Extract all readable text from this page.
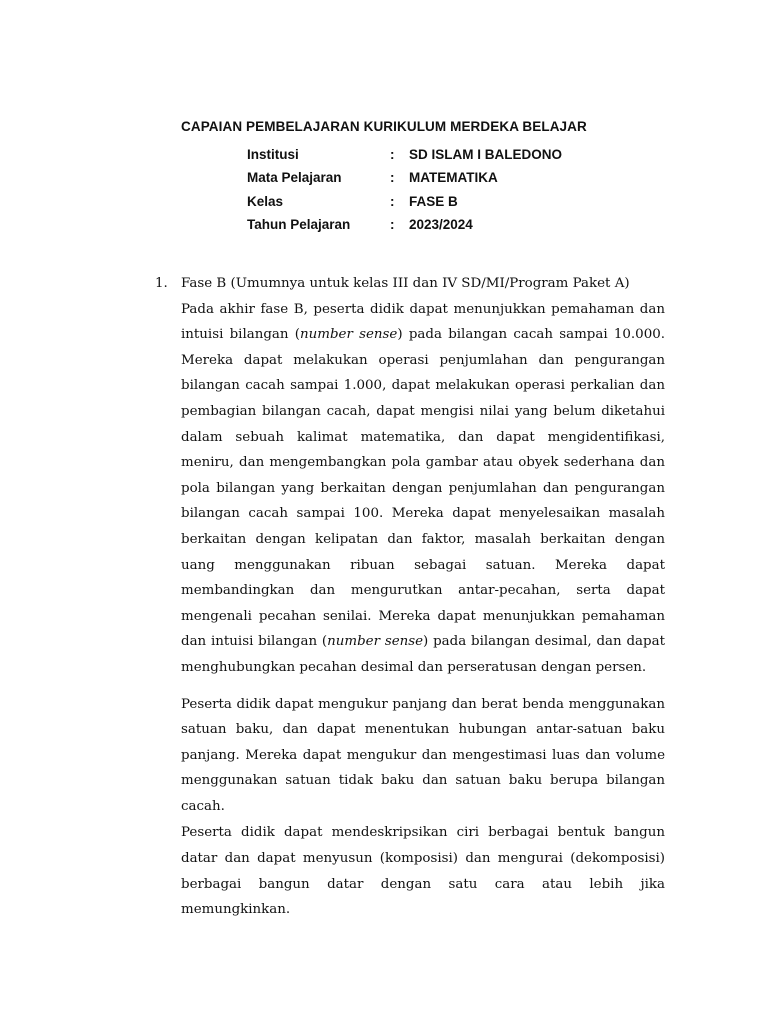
CAPAIAN PEMBELAJARAN KURIKULUM MERDEKA BELAJAR
Institusi	:	SD ISLAM I BALEDONO
Mata Pelajaran	:	MATEMATIKA
Kelas	:	FASE B
Tahun Pelajaran	:	2023/2024
1. Fase B (Umumnya untuk kelas III dan IV SD/MI/Program Paket A)

Pada akhir fase B, peserta didik dapat menunjukkan pemahaman dan intuisi bilangan (number sense) pada bilangan cacah sampai 10.000. Mereka dapat melakukan operasi penjumlahan dan pengurangan bilangan cacah sampai 1.000, dapat melakukan operasi perkalian dan pembagian bilangan cacah, dapat mengisi nilai yang belum diketahui dalam sebuah kalimat matematika, dan dapat mengidentifikasi, meniru, dan mengembangkan pola gambar atau obyek sederhana dan pola bilangan yang berkaitan dengan penjumlahan dan pengurangan bilangan cacah sampai 100. Mereka dapat menyelesaikan masalah berkaitan dengan kelipatan dan faktor, masalah berkaitan dengan uang menggunakan ribuan sebagai satuan. Mereka dapat membandingkan dan mengurutkan antar-pecahan, serta dapat mengenali pecahan senilai. Mereka dapat menunjukkan pemahaman dan intuisi bilangan (number sense) pada bilangan desimal, dan dapat menghubungkan pecahan desimal dan perseratusan dengan persen.

Peserta didik dapat mengukur panjang dan berat benda menggunakan satuan baku, dan dapat menentukan hubungan antar-satuan baku panjang. Mereka dapat mengukur dan mengestimasi luas dan volume menggunakan satuan tidak baku dan satuan baku berupa bilangan cacah.

Peserta didik dapat mendeskripsikan ciri berbagai bentuk bangun datar dan dapat menyusun (komposisi) dan mengurai (dekomposisi) berbagai bangun datar dengan satu cara atau lebih jika memungkinkan.
